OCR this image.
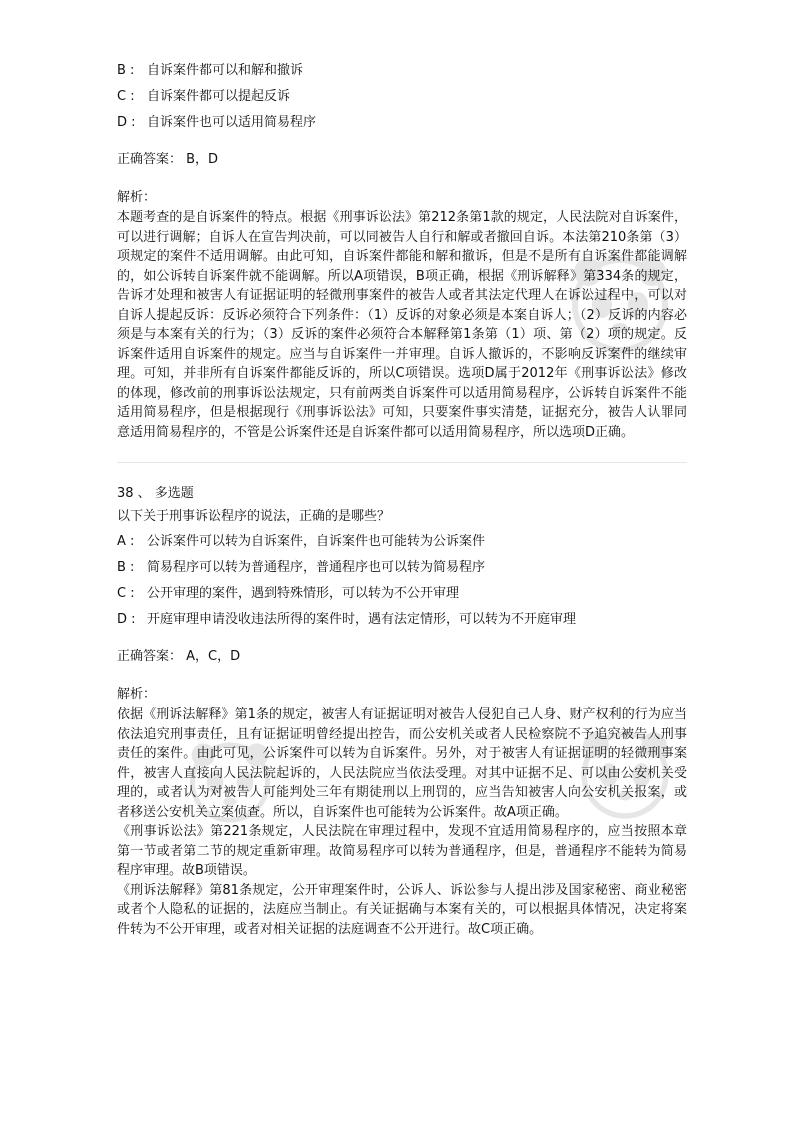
B : 自诉案件都可以和解和撤诉
C : 自诉案件都可以提起反诉
D : 自诉案件也可以适用简易程序
正确答案： B，D
解析：
本题考查的是自诉案件的特点。根据《刑事诉讼法》第212条第1款的规定，人民法院对自诉案件，可以进行调解；自诉人在宣告判决前，可以同被告人自行和解或者撤回自诉。本法第210条第（3）项规定的案件不适用调解。由此可知，自诉案件都能和解和撤诉，但是不是所有自诉案件都能调解的，如公诉转自诉案件就不能调解。所以A项错误，B项正确，根据《刑诉解释》第334条的规定，告诉才处理和被害人有证据证明的轻微刑事案件的被告人或者其法定代理人在诉讼过程中，可以对自诉人提起反诉：反诉必须符合下列条件：（1）反诉的对象必须是本案自诉人；（2）反诉的内容必须是与本案有关的行为；（3）反诉的案件必须符合本解释第1条第（1）项、第（2）项的规定。反诉案件适用自诉案件的规定。应当与自诉案件一并审理。自诉人撤诉的，不影响反诉案件的继续审理。可知，并非所有自诉案件都能反诉的，所以C项错误。选项D属于2012年《刑事诉讼法》修改的体现，修改前的刑事诉讼法规定，只有前两类自诉案件可以适用简易程序，公诉转自诉案件不能适用简易程序，但是根据现行《刑事诉讼法》可知，只要案件事实清楚，证据充分，被告人认罪同意适用简易程序的，不管是公诉案件还是自诉案件都可以适用简易程序，所以选项D正确。
38 、 多选题
以下关于刑事诉讼程序的说法，正确的是哪些？
A : 公诉案件可以转为自诉案件，自诉案件也可能转为公诉案件
B : 简易程序可以转为普通程序，普通程序也可以转为简易程序
C : 公开审理的案件，遇到特殊情形，可以转为不公开审理
D : 开庭审理申请没收违法所得的案件时，遇有法定情形，可以转为不开庭审理
正确答案： A，C，D
解析：
依据《刑诉法解释》第1条的规定，被害人有证据证明对被告人侵犯自己人身、财产权利的行为应当依法追究刑事责任，且有证据证明曾经提出控告，而公安机关或者人民检察院不予追究被告人刑事责任的案件。由此可见，公诉案件可以转为自诉案件。另外，对于被害人有证据证明的轻微刑事案件，被害人直接向人民法院起诉的，人民法院应当依法受理。对其中证据不足、可以由公安机关受理的，或者认为对被告人可能判处三年有期徒刑以上刑罚的，应当告知被害人向公安机关报案，或者移送公安机关立案侦查。所以，自诉案件也可能转为公诉案件。故A项正确。
《刑事诉讼法》第221条规定，人民法院在审理过程中，发现不宜适用简易程序的，应当按照本章第一节或者第二节的规定重新审理。故简易程序可以转为普通程序，但是，普通程序不能转为简易程序审理。故B项错误。
《刑诉法解释》第81条规定，公开审理案件时，公诉人、诉讼参与人提出涉及国家秘密、商业秘密或者个人隐私的证据的，法庭应当制止。有关证据确与本案有关的，可以根据具体情况，决定将案件转为不公开审理，或者对相关证据的法庭调查不公开进行。故C项正确。
